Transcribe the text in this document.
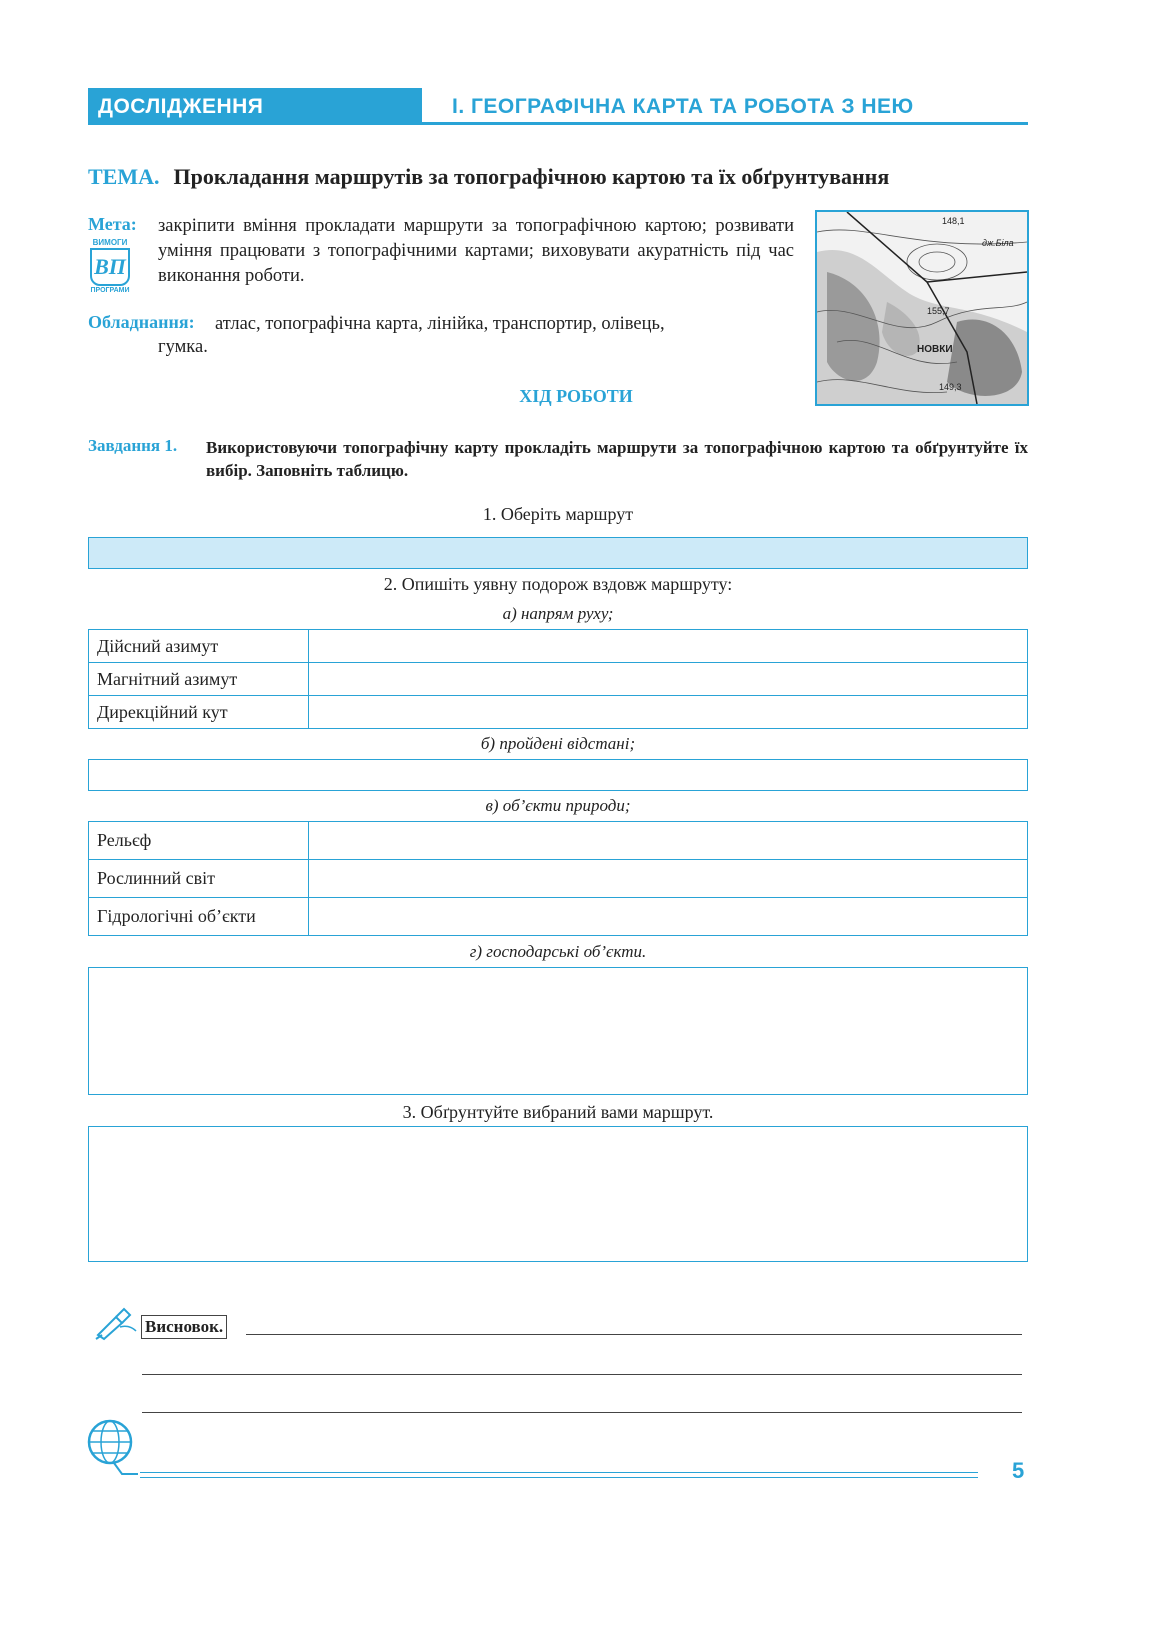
ДОСЛІДЖЕННЯ	І. ГЕОГРАФІЧНА КАРТА ТА РОБОТА З НЕЮ
ТЕМА. Прокладання маршрутів за топографічною картою та їх обґрунтування
Мета: закріпити вміння прокладати маршрути за топографічною картою; розвивати уміння працювати з топографічними картами; виховувати акуратність під час виконання роботи.
ВИМОГИ
ВП
ПРОГРАМИ
Обладнання: атлас, топографічна карта, лінійка, транспортир, олівець,
гумка.
155,7
148,1
149,3
НОВКИ
дж.Біла
ХІД РОБОТИ
Завдання 1. Використовуючи топографічну карту прокладіть маршрути за топографічною картою та обґрунтуйте їх вибір. Заповніть таблицю.
1. Оберіть маршрут
2. Опишіть уявну подорож вздовж маршруту:
а) напрям руху;
Дійсний азимут	
Магнітний азимут	
Дирекційний кут	
б) пройдені відстані;
в) об’єкти природи;
Рельєф	
Рослинний світ	
Гідрологічні об’єкти	
г) господарські об’єкти.
3. Обґрунтуйте вибраний вами маршрут.
Висновок.
5
